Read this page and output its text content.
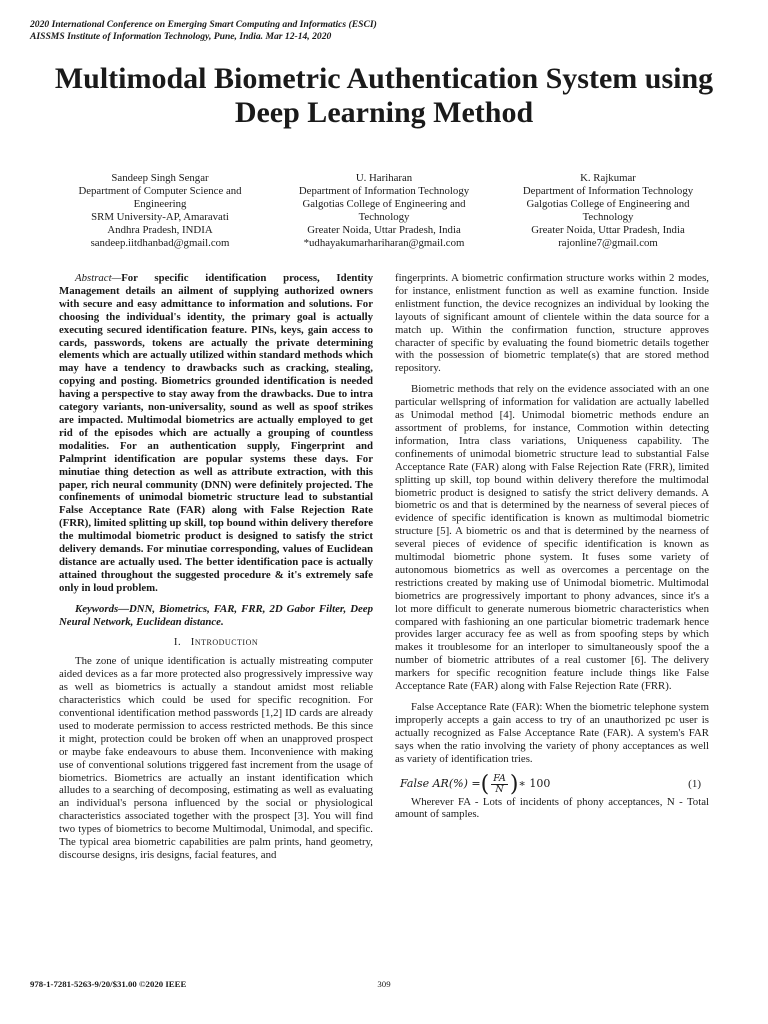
2020 International Conference on Emerging Smart Computing and Informatics (ESCI)
AISSMS Institute of Information Technology, Pune, India. Mar 12-14, 2020
Multimodal Biometric Authentication System using
Deep Learning Method
Sandeep Singh Sengar
Department of Computer Science and Engineering
SRM University-AP, Amaravati
Andhra Pradesh, INDIA
sandeep.iitdhanbad@gmail.com
U. Hariharan
Department of Information Technology
Galgotias College of Engineering and Technology
Greater Noida, Uttar Pradesh, India
*udhayakumarhariharan@gmail.com
K. Rajkumar
Department of Information Technology
Galgotias College of Engineering and Technology
Greater Noida, Uttar Pradesh, India
rajonline7@gmail.com

Abstract—For specific identification process, Identity Management details an ailment of supplying authorized owners with secure and easy admittance to information and solutions. For choosing the individual's identity, the primary goal is actually executing secured identification feature. PINs, keys, gain access to cards, passwords, tokens are actually the private determining elements which are actually utilized within standard methods which may have a tendency to drawbacks such as cracking, stealing, copying and posting. Biometrics grounded identification is needed having a perspective to stay away from the drawbacks. Due to intra category variants, non-universality, sound as well as spoof strikes are impacted. Multimodal biometrics are actually employed to get rid of the episodes which are actually a grouping of countless modalities. For an authentication supply, Fingerprint and Palmprint identification are popular systems these days. For minutiae thing detection as well as attribute extraction, with this paper, rich neural community (DNN) were definitely projected. The confinements of unimodal biometric structure lead to substantial False Acceptance Rate (FAR) along with False Rejection Rate (FRR), limited splitting up skill, top bound within delivery therefore the multimodal biometric product is designed to satisfy the strict delivery demands. For minutiae corresponding, values of Euclidean distance are actually used. The better identification pace is actually attained throughout the suggested procedure & it's extremely safe only in loud problem.

Keywords—DNN, Biometrics, FAR, FRR, 2D Gabor Filter, Deep Neural Network, Euclidean distance.

I. Introduction

The zone of unique identification is actually mistreating computer aided devices as a far more protected also progressively impressive way as well as biometrics is actually a standout amidst most reliable characteristics which could be used for specific recognition. For conventional identification method passwords [1,2] ID cards are already used to moderate permission to access restricted methods. Be this since it might, protection could be broken off when an unapproved prospect or maybe fake endeavours to abuse them. Inconvenience with making use of conventional solutions triggered fast increment from the usage of biometrics. Biometrics are actually an instant identification which alludes to a searching of decomposing, estimating as well as evaluating an individual's persona influenced by the social or physiological characteristics associated together with the prospect [3]. You will find two types of biometrics to become Multimodal, Unimodal, and specific. The typical area biometric capabilities are palm prints, hand geometry, discourse designs, iris designs, facial features, and

fingerprints. A biometric confirmation structure works within 2 modes, for instance, enlistment function as well as examine function. Inside enlistment function, the device recognizes an individual by looking the layouts of significant amount of clientele within the data source for a match up. Within the confirmation function, structure approves character of specific by evaluating the found biometric details together with the possession of biometric template(s) that are stored method repository.

Biometric methods that rely on the evidence associated with an one particular wellspring of information for validation are actually labelled as Unimodal method [4]. Unimodal biometric methods endure an assortment of problems, for instance, Commotion within detecting information, Intra class variations, Uniqueness capability. The confinements of unimodal biometric structure lead to substantial False Acceptance Rate (FAR) along with False Rejection Rate (FRR), limited splitting up skill, top bound within delivery therefore the multimodal biometric product is designed to satisfy the strict delivery demands. A biometric os and that is determined by the nearness of several pieces of evidence of specific identification is known as multimodal biometric structure [5]. A biometric os and that is determined by the nearness of several pieces of evidence of specific identification is known as multimodal biometric phone system. It fuses some variety of autonomous biometrics as well as overcomes a percentage on the restrictions created by making use of Unimodal biometric. Multimodal biometrics are progressively important to phony advances, since it's a lot more difficult to generate numerous biometric characteristics when compared with fashioning an one particular biometric trademark hence provides larger accuracy fee as well as from spoofing steps by which makes it troublesome for an interloper to simultaneously spoof the a number of biometric attributes of a real customer [6]. The delivery markers for specific recognition feature include things like False Acceptance Rate (FAR) along with False Rejection Rate (FRR).

False Acceptance Rate (FAR): When the biometric telephone system improperly accepts a gain access to try of an unauthorized pc user is actually recognized as False Acceptance Rate (FAR). A system's FAR says when the ratio involving the variety of phony acceptances as well as variety of identification tries.

False AR(%) = ( $\frac{FA}{N}$ ) ∗ 100	(1)

Wherever FA - Lots of incidents of phony acceptances, N - Total amount of samples.

978-1-7281-5263-9/20/$31.00 ©2020 IEEE	309
